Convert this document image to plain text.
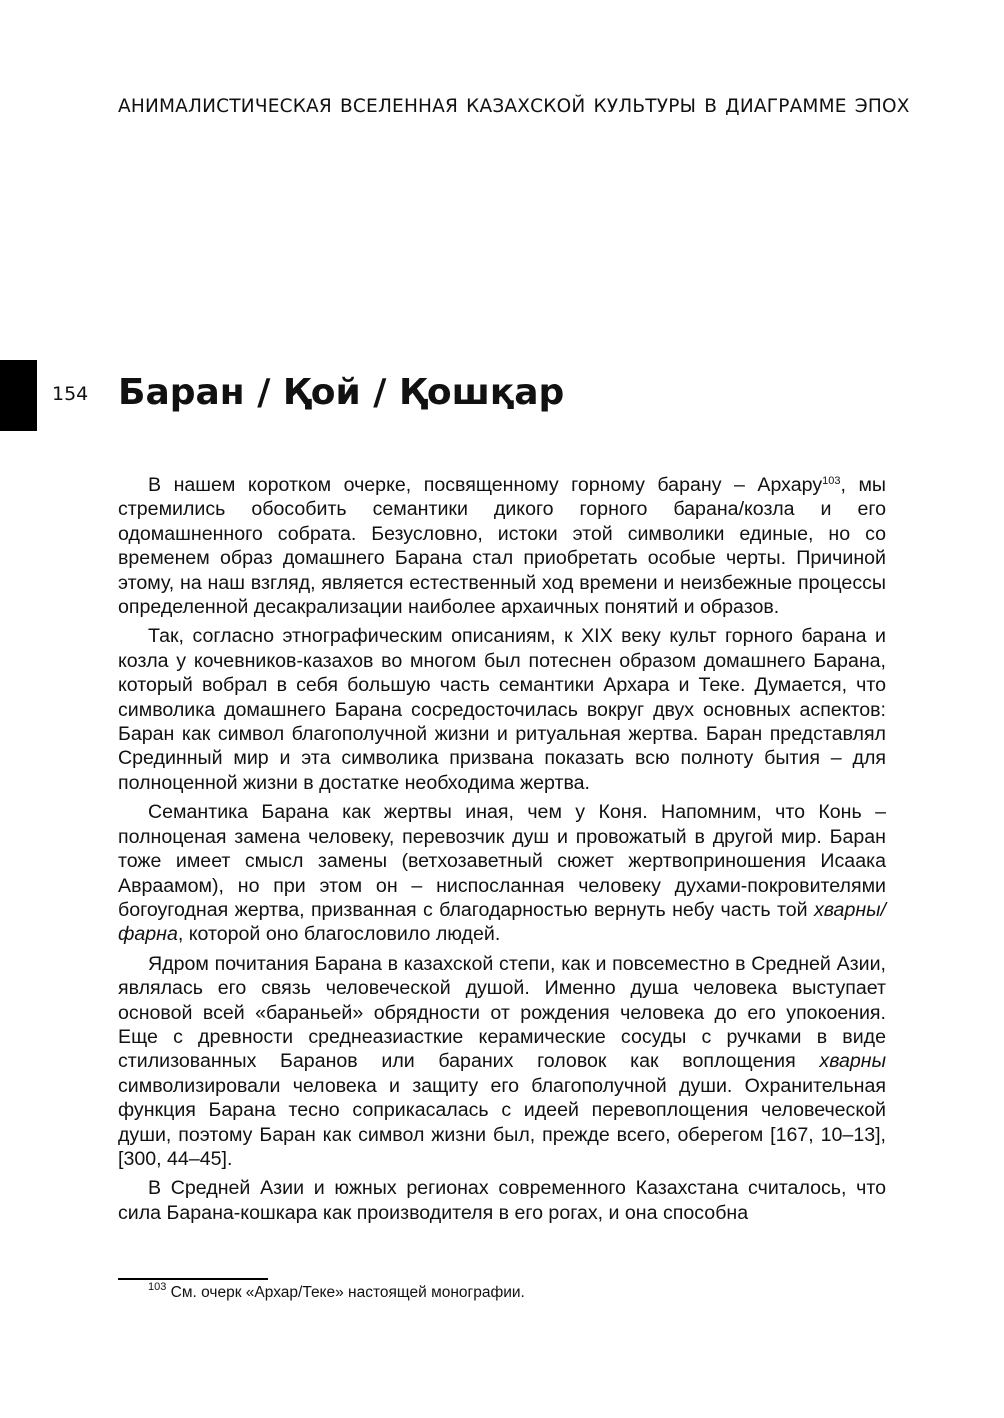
АНИМАЛИСТИЧЕСКАЯ ВСЕЛЕННАЯ КАЗАХСКОЙ КУЛЬТУРЫ В ДИАГРАММЕ ЭПОХ
154 Баран / Қой / Қошқар

В нашем коротком очерке, посвященному горному барану – Архару$^{103}$, мы стремились обособить семантики дикого горного барана/козла и его одомашненного собрата. Безусловно, истоки этой символики единые, но со временем образ домашнего Барана стал приобретать особые черты. Причиной этому, на наш взгляд, является естественный ход времени и неизбежные процессы определенной десакрализации наиболее архаичных понятий и образов.

Так, согласно этнографическим описаниям, к XIX веку культ горного барана и козла у кочевников-казахов во многом был потеснен образом домашнего Барана, который вобрал в себя большую часть семантики Архара и Теке. Думается, что символика домашнего Барана сосредосточилась вокруг двух основных аспектов: Баран как символ благополучной жизни и ритуальная жертва. Баран представлял Срединный мир и эта символика призвана показать всю полноту бытия – для полноценной жизни в достатке необходима жертва.

Семантика Барана как жертвы иная, чем у Коня. Напомним, что Конь – полноценая замена человеку, перевозчик душ и провожатый в другой мир. Баран тоже имеет смысл замены (ветхозаветный сюжет жертвоприношения Исаака Авраамом), но при этом он – ниспосланная человеку духами-покровителями богоугодная жертва, призванная с благодарностью вернуть небу часть той хварны/фарна, которой оно благословило людей.

Ядром почитания Барана в казахской степи, как и повсеместно в Средней Азии, являлась его связь человеческой душой. Именно душа человека выступает основой всей «бараньей» обрядности от рождения человека до его упокоения. Еще с древности среднеазиасткие керамические сосуды с ручками в виде стилизованных Баранов или бараних головок как воплощения хварны символизировали человека и защиту его благополучной души. Охранительная функция Барана тесно соприкасалась с идеей перевоплощения человеческой души, поэтому Баран как символ жизни был, прежде всего, оберегом [167, 10–13], [300, 44–45].

В Средней Азии и южных регионах современного Казахстана считалось, что сила Барана-кошкара как производителя в его рогах, и она способна

$^{103}$ См. очерк «Архар/Теке» настоящей монографии.
